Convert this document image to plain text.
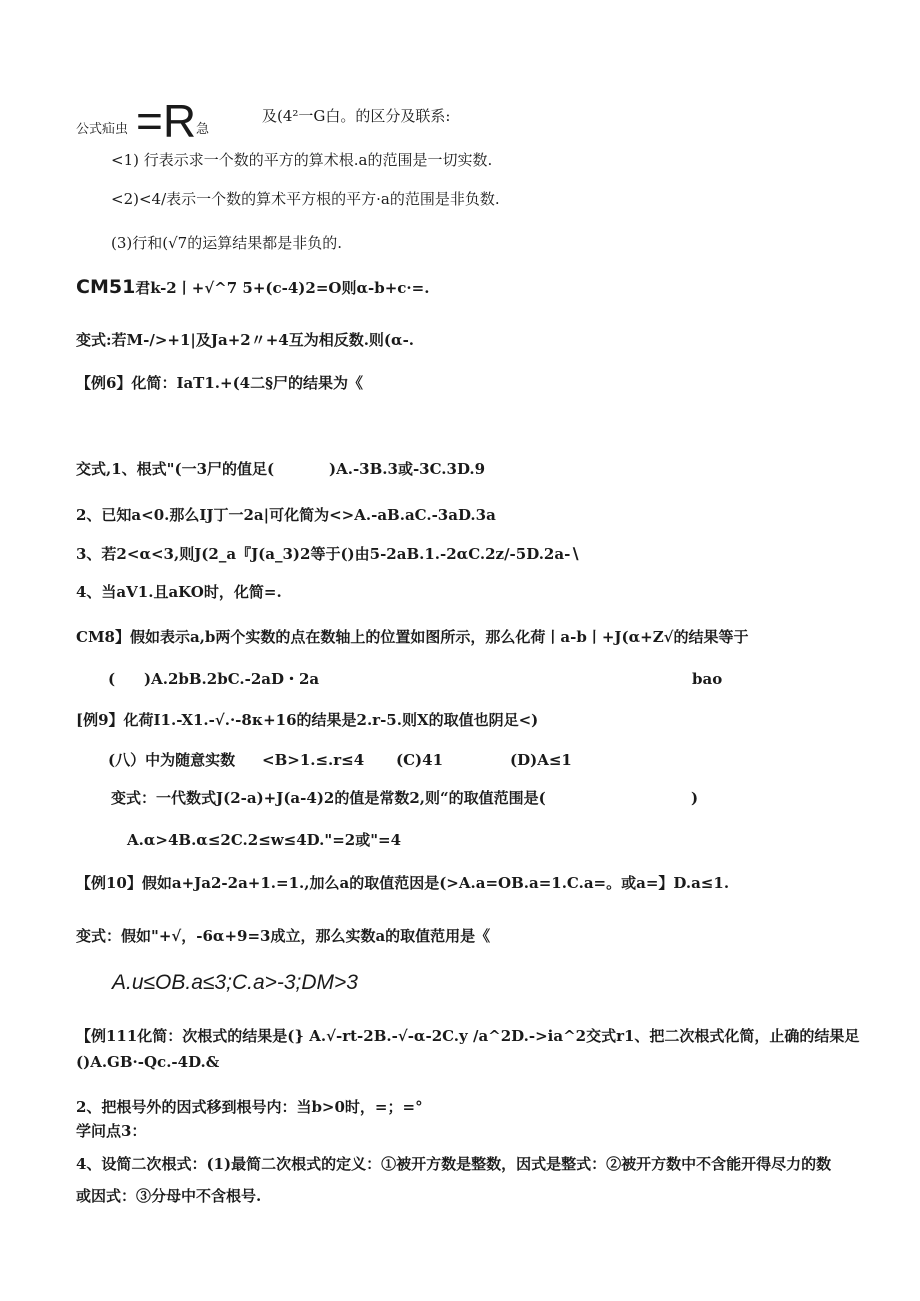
公式疝虫 =R 急
及(4²一G白。的区分及联系:
<1) 行表示求一个数的平方的算术根.a的范围是一切实数.
<2)<4/表示一个数的算术平方根的平方·a的范围是非负数.
(3)行和(√7的运算结果都是非负的.
CM51君k-2丨+√^7 5+(c-4)2=O则α-b+c·=.
变式:若M-/>+1|及Ja+2〃+4互为相反数.则(α-.
【例6】化简：IaT1.+(4二§尸的结果为《
交式,1、根式"(一3尸的值足(	)A.-3B.3或-3C.3D.9
2、已知a<0.那么IJ丁一2a|可化简为<>A.-aB.aC.-3aD.3a
3、若2<α<3,则J(2_a『J(a_3)2等于()由5-2aB.1.-2αC.2z∕-5D.2a-∖
4、当aV1.且aKO时，化简=.
CM8】假如表示a,b两个实数的点在数轴上的位置如图所示，那么化荷丨a-b丨+J(α+Z√的结果等于
( )A.2bB.2bC.-2aD・2a	bao
[例9】化荷I1.-X1.-√.·-8κ+16的结果是2.r-5.则X的取值也阴足<)
(八）中为随意实数 <B>1.≤.r≤4 (C)41	(D)A≤1
变式：一代数式J(2-a)+J(a-4)2的值是常数2,则“的取值范围是(	)
A.α>4B.α≤2C.2≤w≤4D."=2或"=4
【例10】假如a+Ja2-2a+1.=1.,加么a的取值范因是(>A.a=OB.a=1.C.a=。或a=】D.a≤1.
变式：假如"+√，-6α+9=3成立，那么实数a的取值范用是《
A.u≤OB.a≤3;C.a>-3;DM>3
【例111化简：次根式的结果是(} A.√-rt-2B.-√-α-2C.y /a^2D.->ia^2交式r1、把二次根式化简，止确的结果足
()A.GB·-Qc.-4D.&
2、把根号外的因式移到根号内：当b>0时，=；=°
学问点3：
4、设简二次根式：(1)最简二次根式的定义：①被开方数是整数，因式是整式：②被开方数中不含能开得尽力的数
或因式：③分母中不含根号.
